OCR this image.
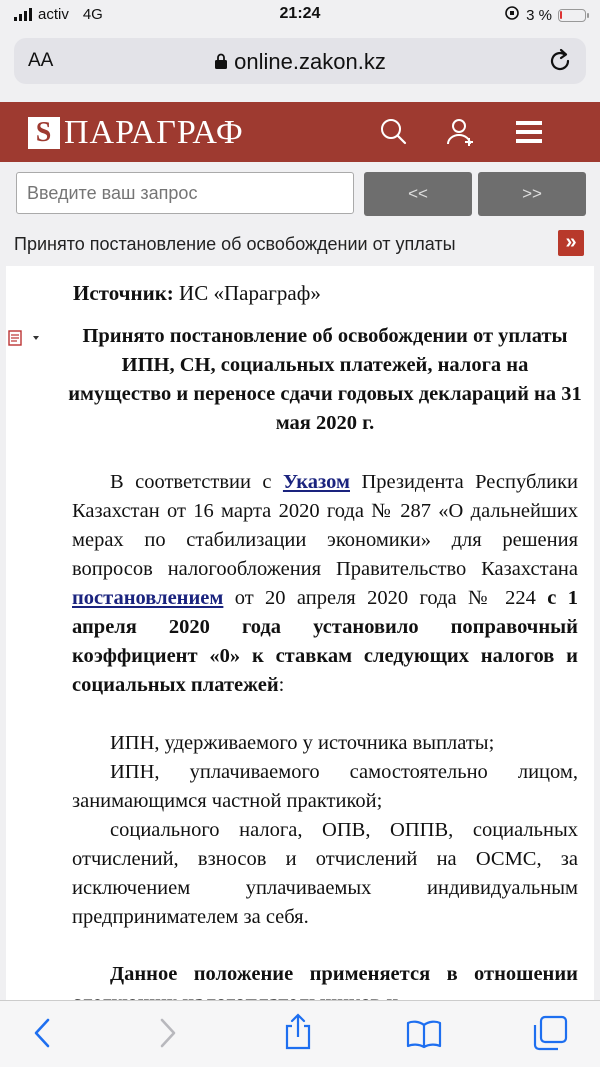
activ 4G	21:24	3 %
AA	online.zakon.kz
S ПАРАГРАФ
Введите ваш запрос
<<	>>
Принято постановление об освобождении от уплаты	»
Источник: ИС «Параграф»
Принято постановление об освобождении от уплаты ИПН, СН, социальных платежей, налога на имущество и переносе сдачи годовых деклараций на 31 мая 2020 г.
В соответствии с Указом Президента Республики Казахстан от 16 марта 2020 года № 287 «О дальнейших мерах по стабилизации экономики» для решения вопросов налогообложения Правительство Казахстана постановлением от 20 апреля 2020 года № 224 с 1 апреля 2020 года установило поправочный коэффициент «0» к ставкам следующих налогов и социальных платежей:
ИПН, удерживаемого у источника выплаты;
ИПН, уплачиваемого самостоятельно лицом, занимающимся частной практикой;
социального налога, ОПВ, ОППВ, социальных отчислений, взносов и отчислений на ОСМС, за исключением уплачиваемых индивидуальным предпринимателем за себя.
Данное положение применяется в отношении
